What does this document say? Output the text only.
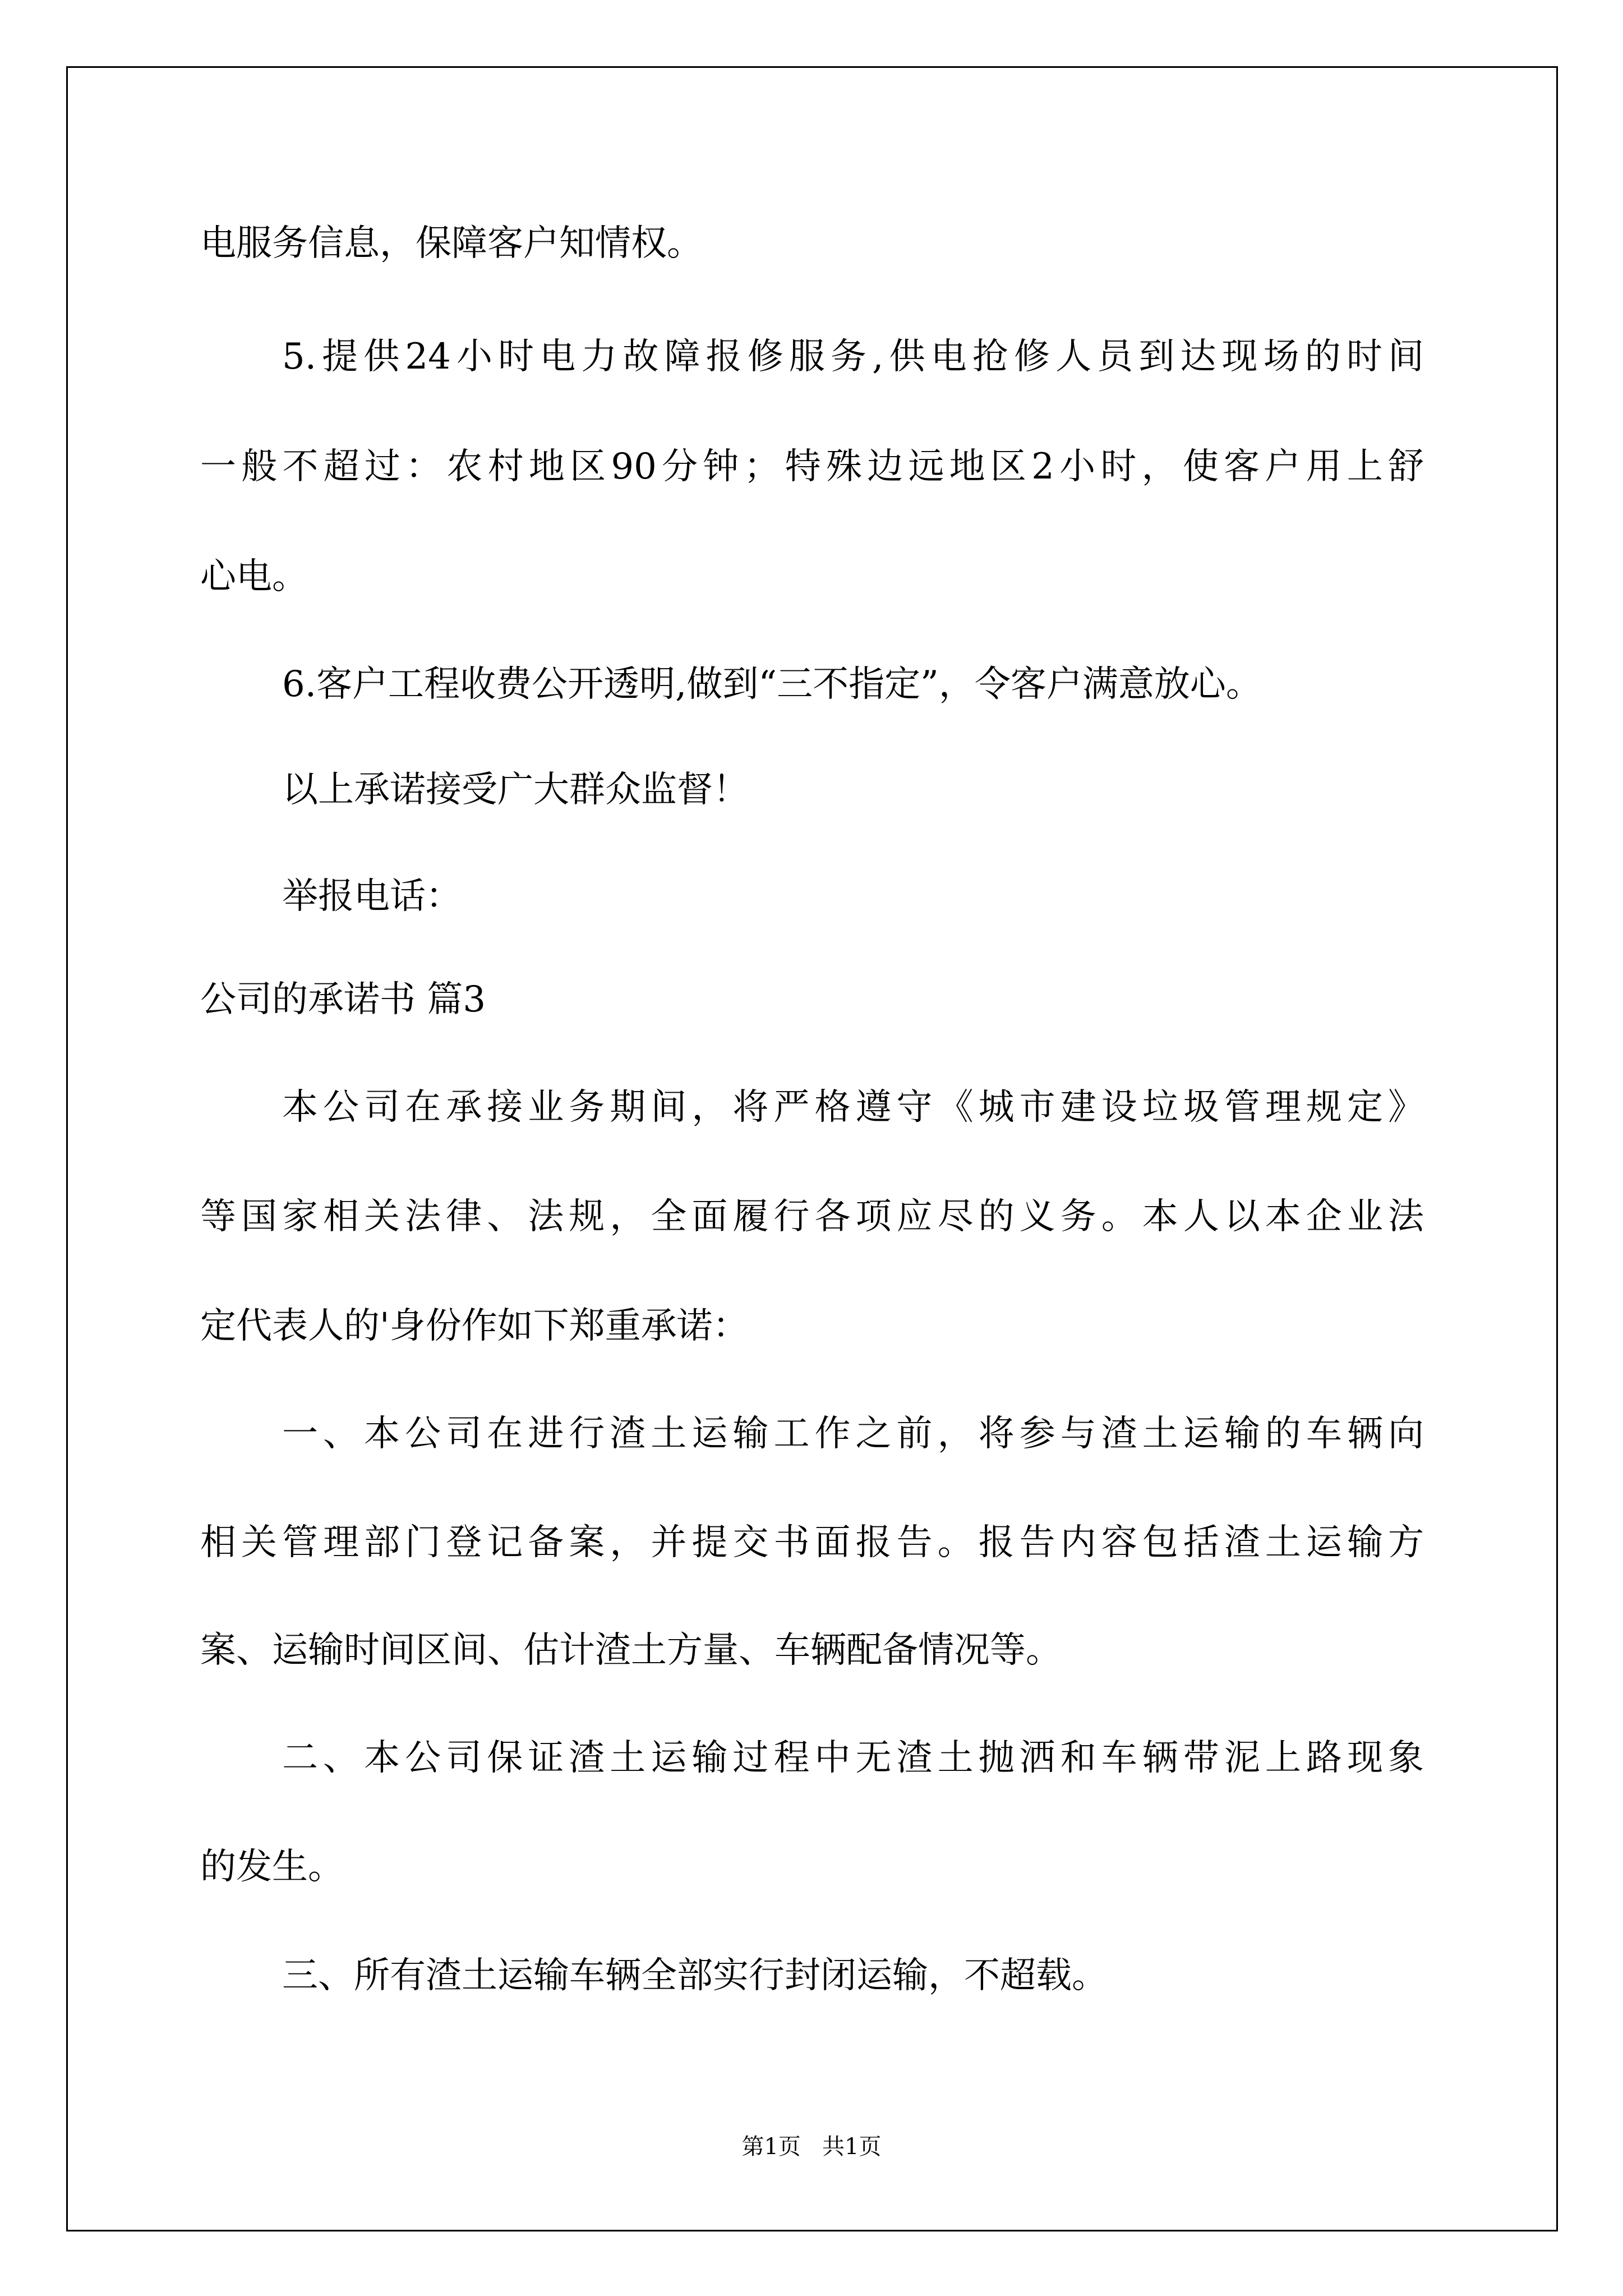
电服务信息，保障客户知情权。
5.提供24小时电力故障报修服务,供电抢修人员到达现场的时间
一般不超过：农村地区90分钟；特殊边远地区2小时，使客户用上舒
心电。
6.客户工程收费公开透明,做到“三不指定”，令客户满意放心。
以上承诺接受广大群众监督！
举报电话：
公司的承诺书 篇3
本公司在承接业务期间，将严格遵守《城市建设垃圾管理规定》
等国家相关法律、法规，全面履行各项应尽的义务。本人以本企业法
定代表人的'身份作如下郑重承诺：
一、本公司在进行渣土运输工作之前，将参与渣土运输的车辆向
相关管理部门登记备案，并提交书面报告。报告内容包括渣土运输方
案、运输时间区间、估计渣土方量、车辆配备情况等。
二、本公司保证渣土运输过程中无渣土抛洒和车辆带泥上路现象
的发生。
三、所有渣土运输车辆全部实行封闭运输，不超载。
第1页   共1页
